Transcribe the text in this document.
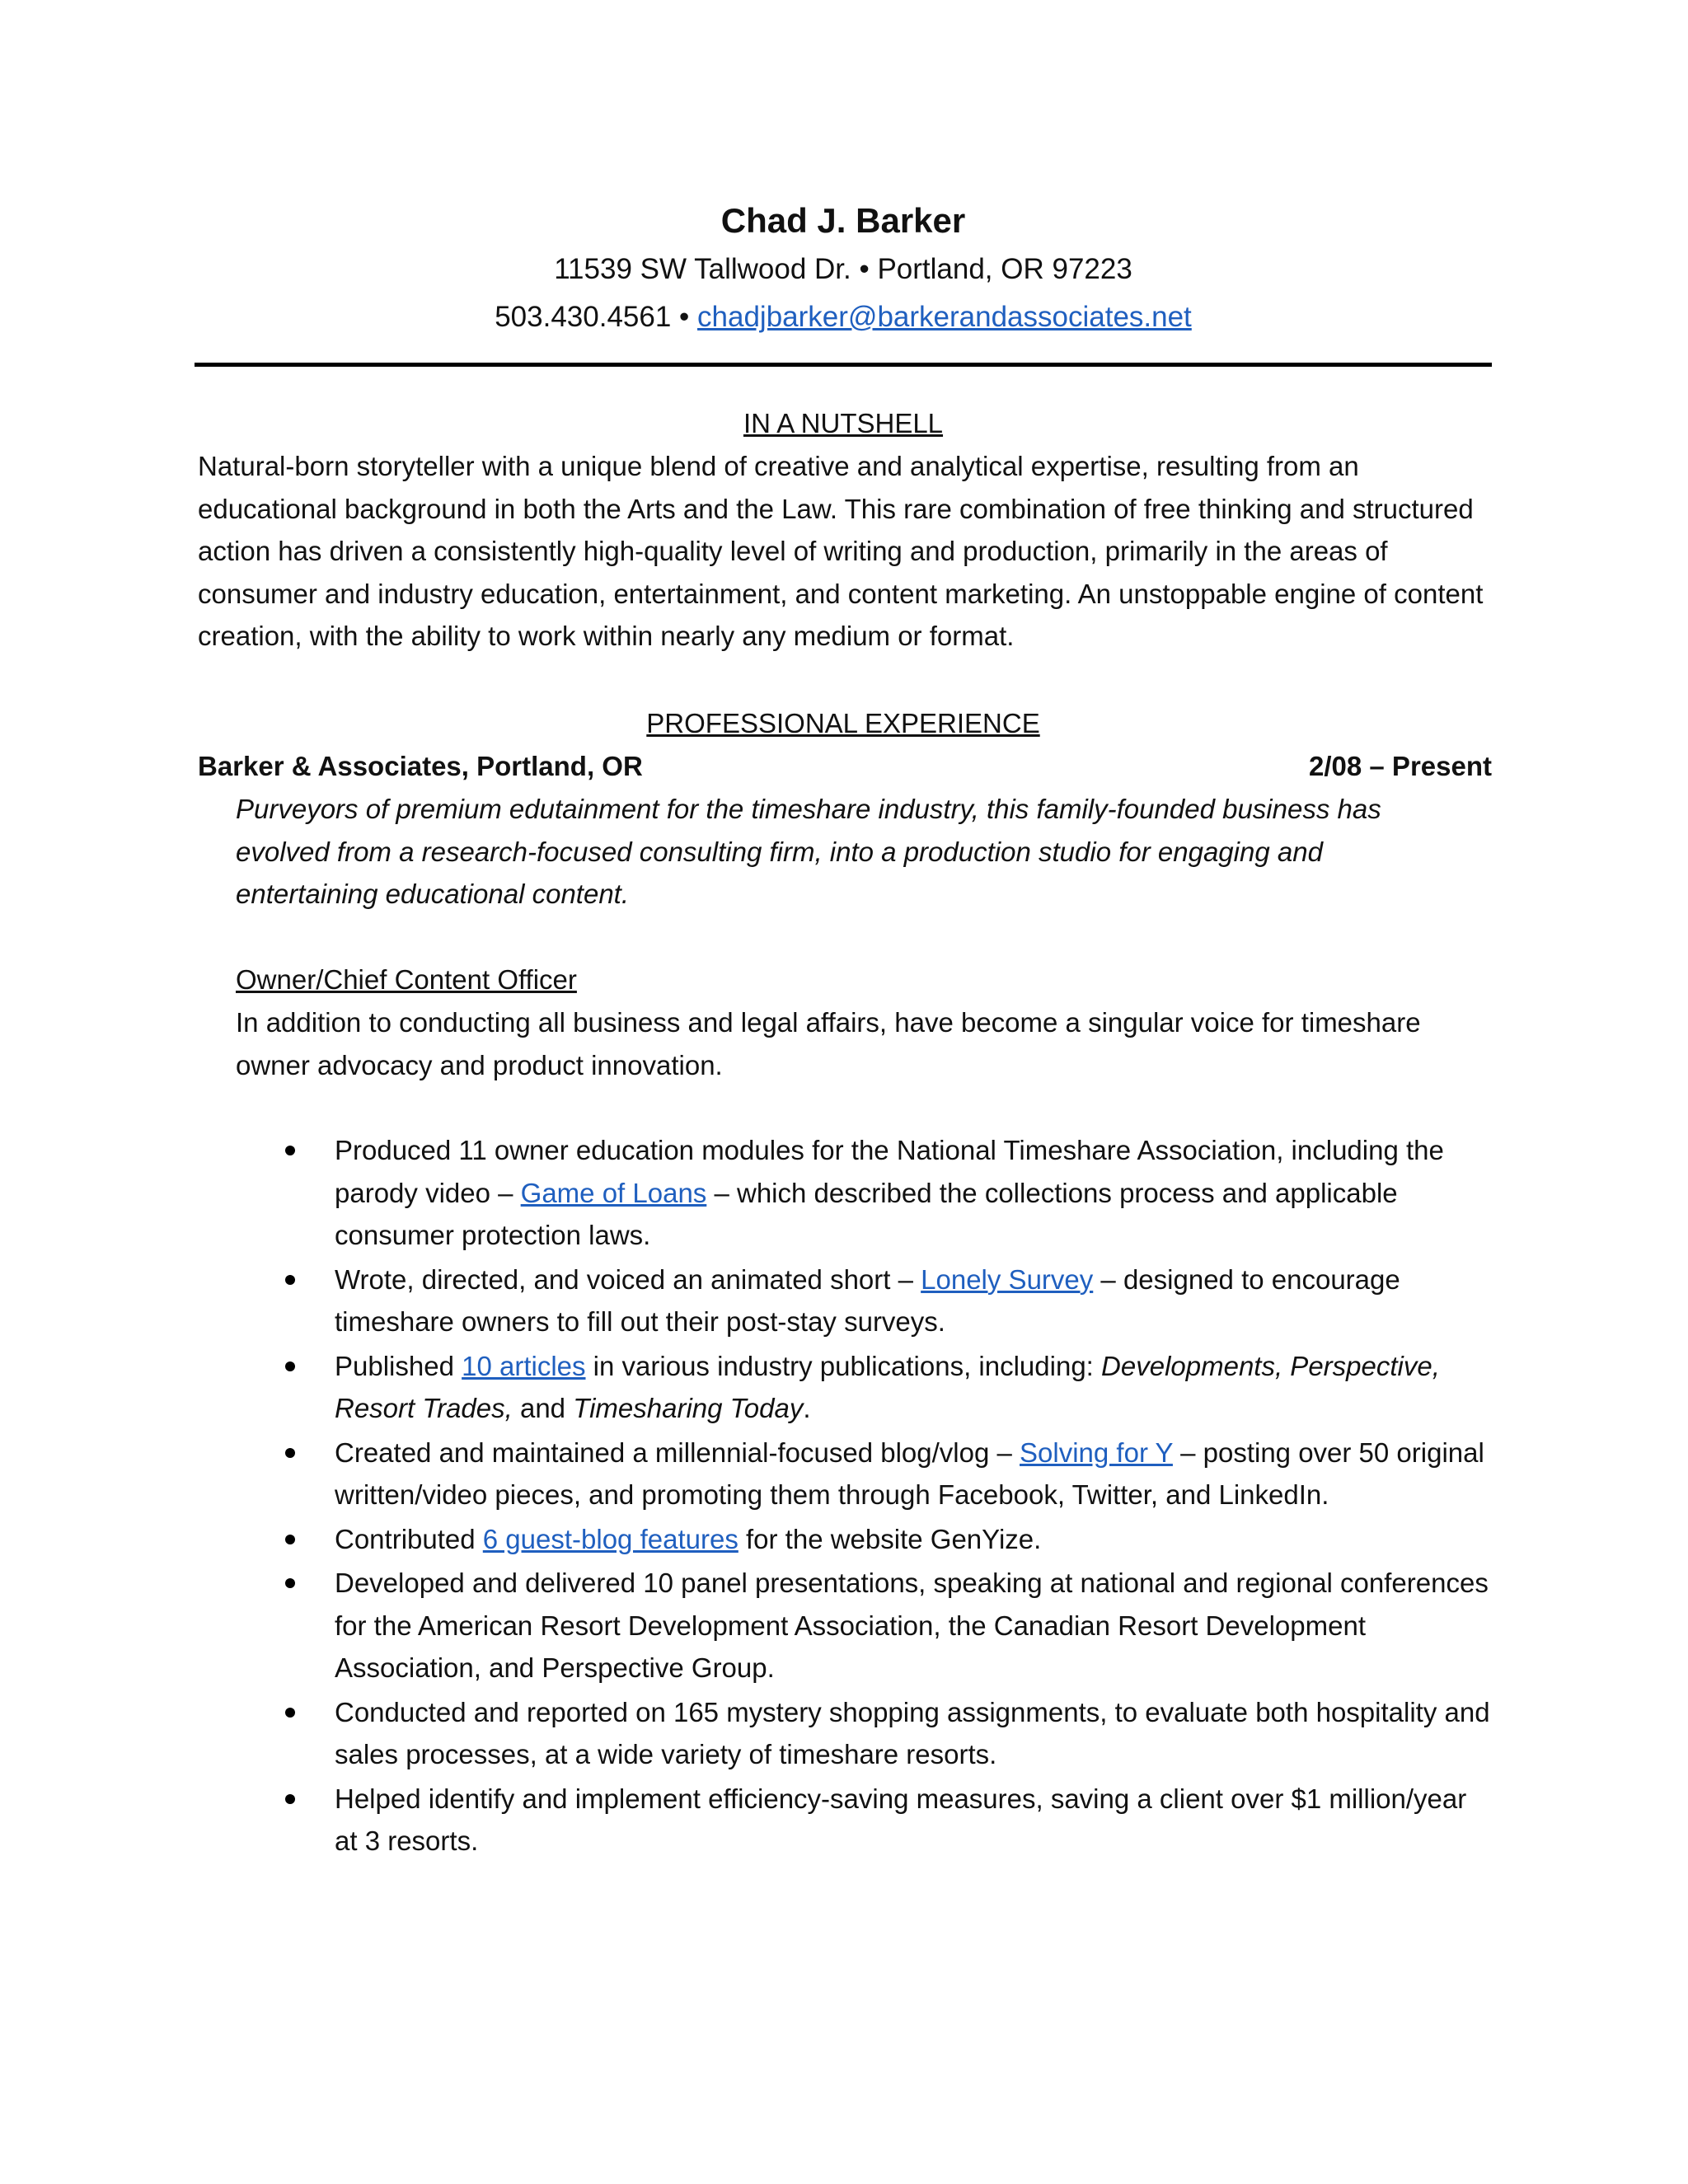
Chad J. Barker

11539 SW Tallwood Dr. • Portland, OR 97223

503.430.4561 • chadjbarker@barkerandassociates.net

IN A NUTSHELL

Natural-born storyteller with a unique blend of creative and analytical expertise, resulting from an educational background in both the Arts and the Law. This rare combination of free thinking and structured action has driven a consistently high-quality level of writing and production, primarily in the areas of consumer and industry education, entertainment, and content marketing. An unstoppable engine of content creation, with the ability to work within nearly any medium or format.

PROFESSIONAL EXPERIENCE

Barker & Associates, Portland, OR	2/08 – Present

Purveyors of premium edutainment for the timeshare industry, this family-founded business has evolved from a research-focused consulting firm, into a production studio for engaging and entertaining educational content.

Owner/Chief Content Officer

In addition to conducting all business and legal affairs, have become a singular voice for timeshare owner advocacy and product innovation.

Produced 11 owner education modules for the National Timeshare Association, including the parody video – Game of Loans – which described the collections process and applicable consumer protection laws.
Wrote, directed, and voiced an animated short – Lonely Survey – designed to encourage timeshare owners to fill out their post-stay surveys.
Published 10 articles in various industry publications, including: Developments, Perspective, Resort Trades, and Timesharing Today.
Created and maintained a millennial-focused blog/vlog – Solving for Y – posting over 50 original written/video pieces, and promoting them through Facebook, Twitter, and LinkedIn.
Contributed 6 guest-blog features for the website GenYize.
Developed and delivered 10 panel presentations, speaking at national and regional conferences for the American Resort Development Association, the Canadian Resort Development Association, and Perspective Group.
Conducted and reported on 165 mystery shopping assignments, to evaluate both hospitality and sales processes, at a wide variety of timeshare resorts.
Helped identify and implement efficiency-saving measures, saving a client over $1 million/year at 3 resorts.
